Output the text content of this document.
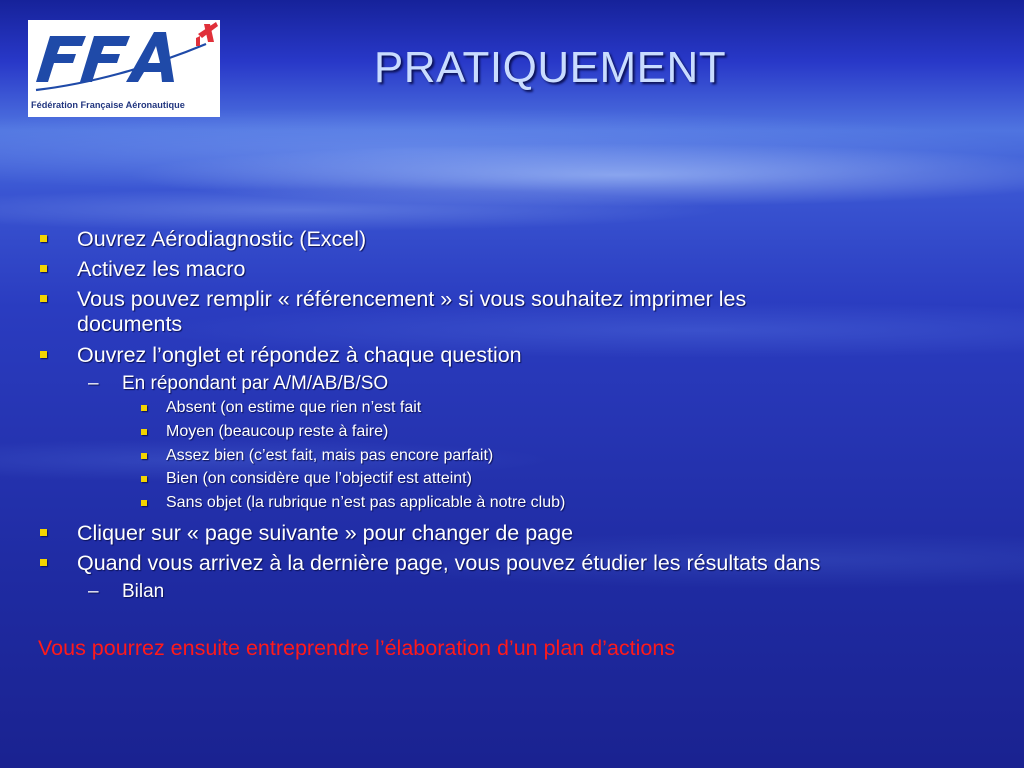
Fédération Française Aéronautique
PRATIQUEMENT
Ouvrez Aérodiagnostic (Excel)
Activez les macro
Vous pouvez remplir « référencement » si vous souhaitez imprimer les
documents
Ouvrez l’onglet et répondez à chaque question
– En répondant par A/M/AB/B/SO
Absent (on estime que rien n’est fait
Moyen (beaucoup reste à faire)
Assez bien (c’est fait, mais pas encore parfait)
Bien (on considère que l’objectif est atteint)
Sans objet (la rubrique n’est pas applicable à notre club)
Cliquer sur « page suivante » pour changer de page
Quand vous arrivez à la dernière page, vous pouvez étudier les résultats dans
– Bilan
Vous pourrez ensuite entreprendre l’élaboration d’un plan d’actions
